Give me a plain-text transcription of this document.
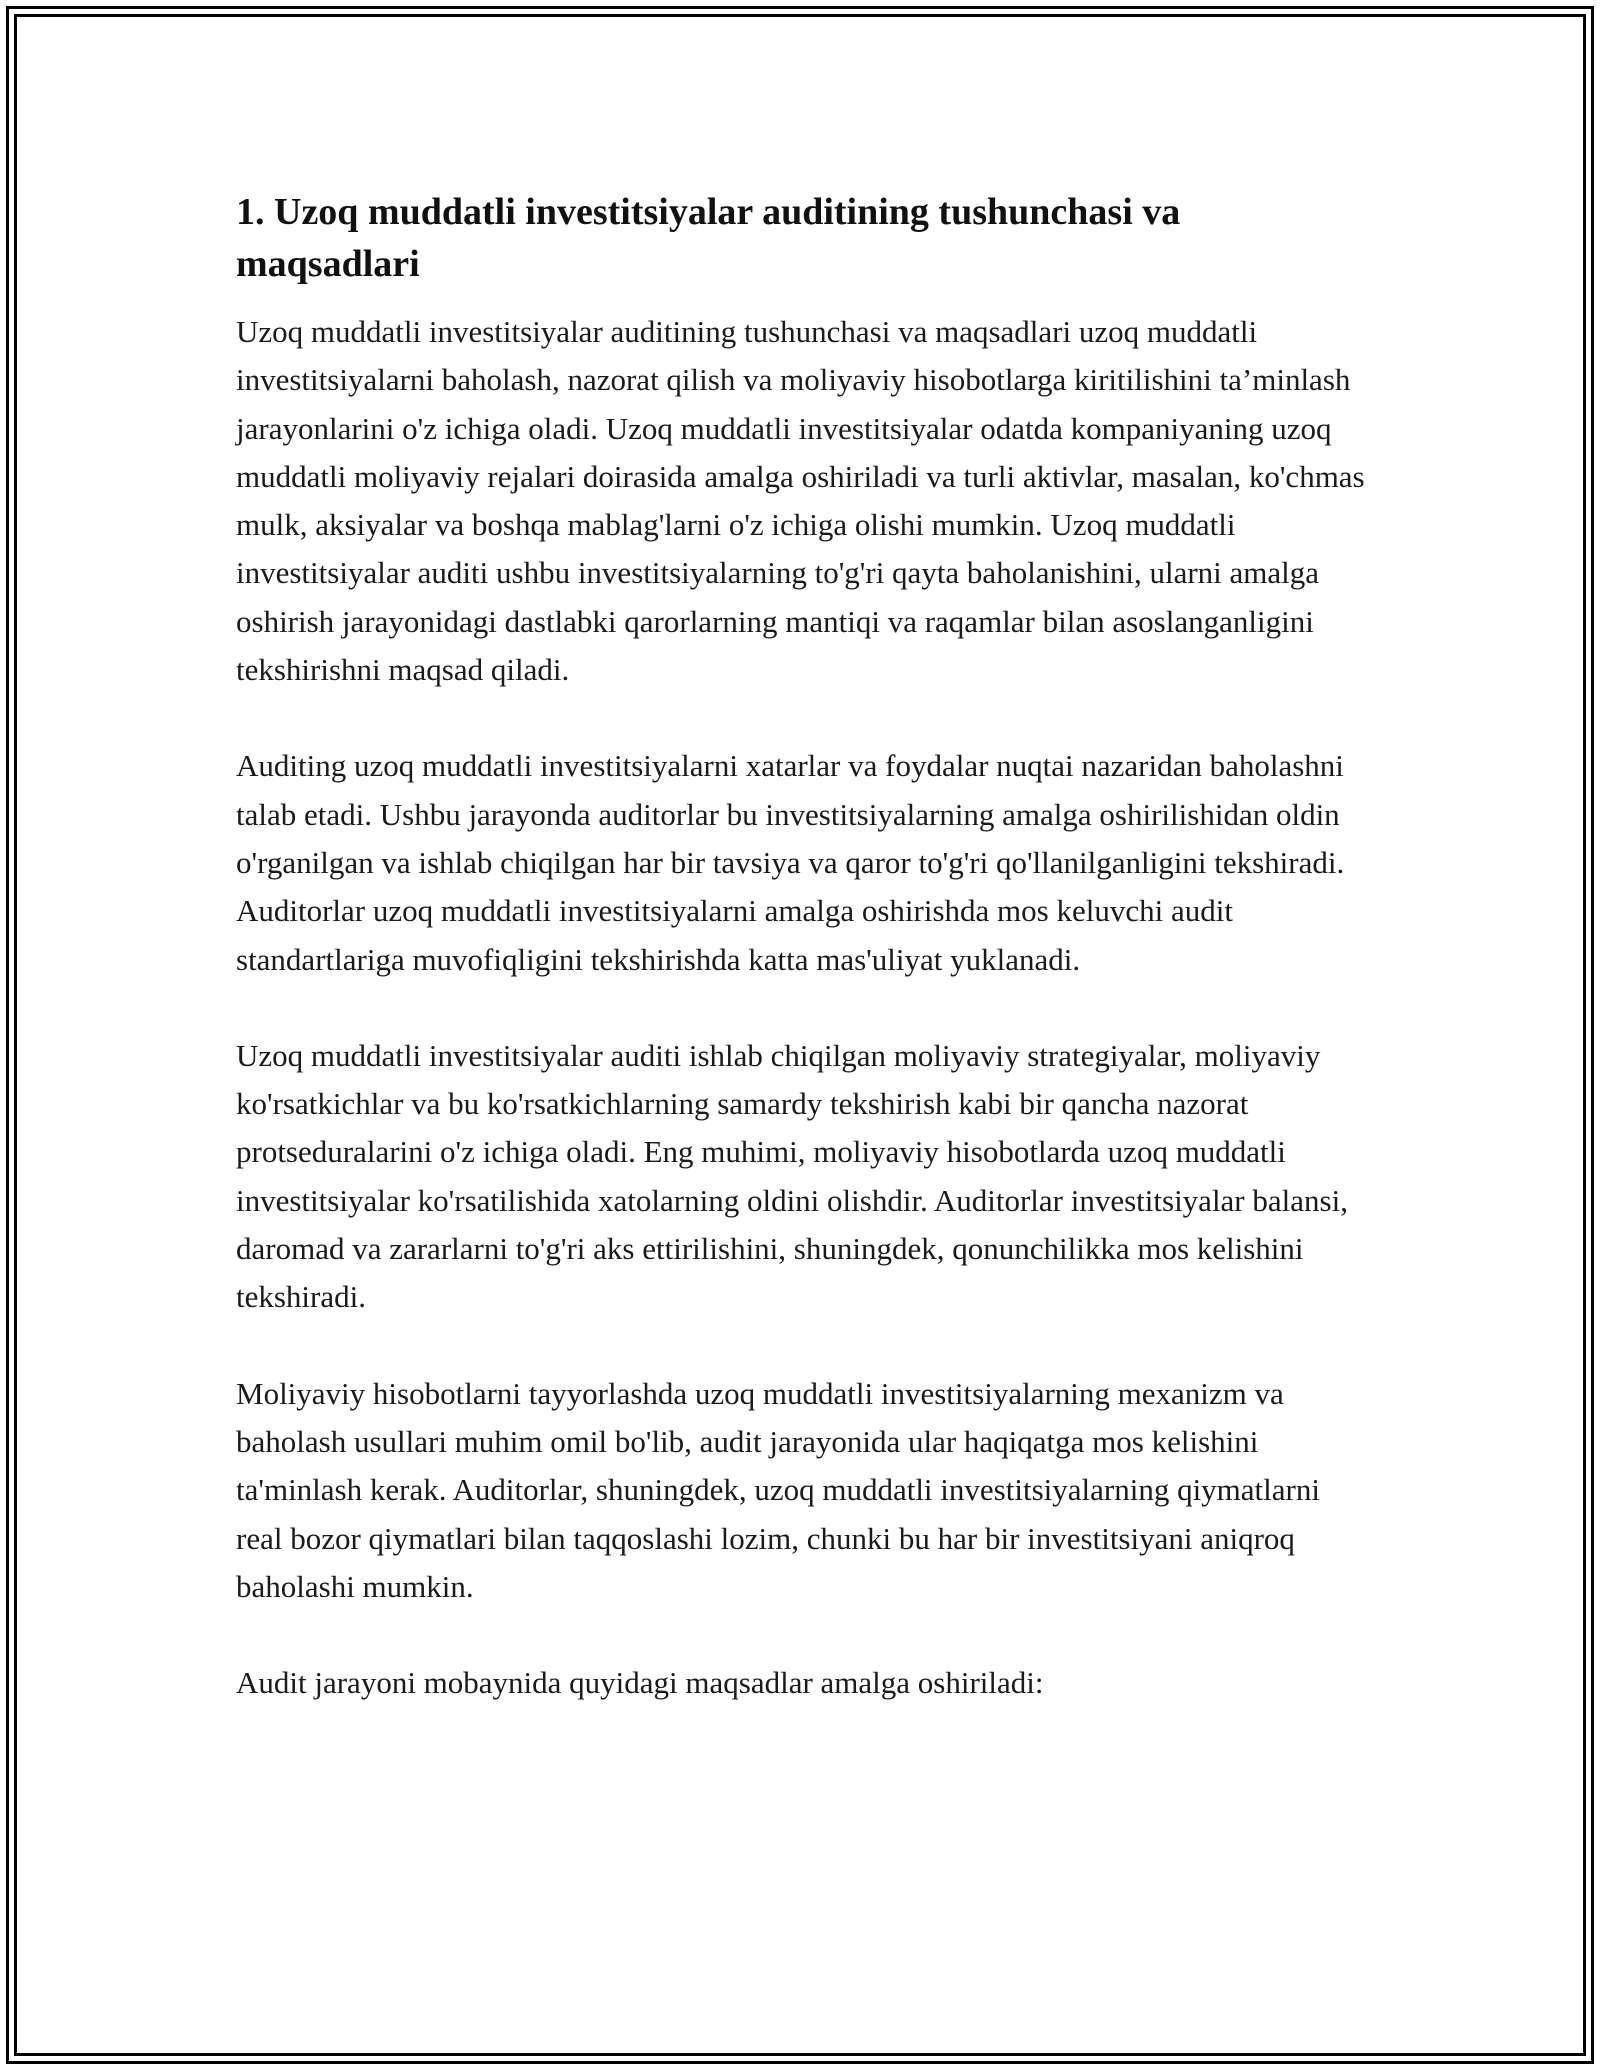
1. Uzoq muddatli investitsiyalar auditining tushunchasi va maqsadlari

Uzoq muddatli investitsiyalar auditining tushunchasi va maqsadlari uzoq muddatli investitsiyalarni baholash, nazorat qilish va moliyaviy hisobotlarga kiritilishini ta’minlash jarayonlarini o'z ichiga oladi. Uzoq muddatli investitsiyalar odatda kompaniyaning uzoq muddatli moliyaviy rejalari doirasida amalga oshiriladi va turli aktivlar, masalan, ko'chmas mulk, aksiyalar va boshqa mablag'larni o'z ichiga olishi mumkin. Uzoq muddatli investitsiyalar auditi ushbu investitsiyalarning to'g'ri qayta baholanishini, ularni amalga oshirish jarayonidagi dastlabki qarorlarning mantiqi va raqamlar bilan asoslanganligini tekshirishni maqsad qiladi.

Auditing uzoq muddatli investitsiyalarni xatarlar va foydalar nuqtai nazaridan baholashni talab etadi. Ushbu jarayonda auditorlar bu investitsiyalarning amalga oshirilishidan oldin o'rganilgan va ishlab chiqilgan har bir tavsiya va qaror to'g'ri qo'llanilganligini tekshiradi. Auditorlar uzoq muddatli investitsiyalarni amalga oshirishda mos keluvchi audit standartlariga muvofiqligini tekshirishda katta mas'uliyat yuklanadi.

Uzoq muddatli investitsiyalar auditi ishlab chiqilgan moliyaviy strategiyalar, moliyaviy ko'rsatkichlar va bu ko'rsatkichlarning samardy tekshirish kabi bir qancha nazorat protseduralarini o'z ichiga oladi. Eng muhimi, moliyaviy hisobotlarda uzoq muddatli investitsiyalar ko'rsatilishida xatolarning oldini olishdir. Auditorlar investitsiyalar balansi, daromad va zararlarni to'g'ri aks ettirilishini, shuningdek, qonunchilikka mos kelishini tekshiradi.

Moliyaviy hisobotlarni tayyorlashda uzoq muddatli investitsiyalarning mexanizm va baholash usullari muhim omil bo'lib, audit jarayonida ular haqiqatga mos kelishini ta'minlash kerak. Auditorlar, shuningdek, uzoq muddatli investitsiyalarning qiymatlarni real bozor qiymatlari bilan taqqoslashi lozim, chunki bu har bir investitsiyani aniqroq baholashi mumkin.

Audit jarayoni mobaynida quyidagi maqsadlar amalga oshiriladi:
